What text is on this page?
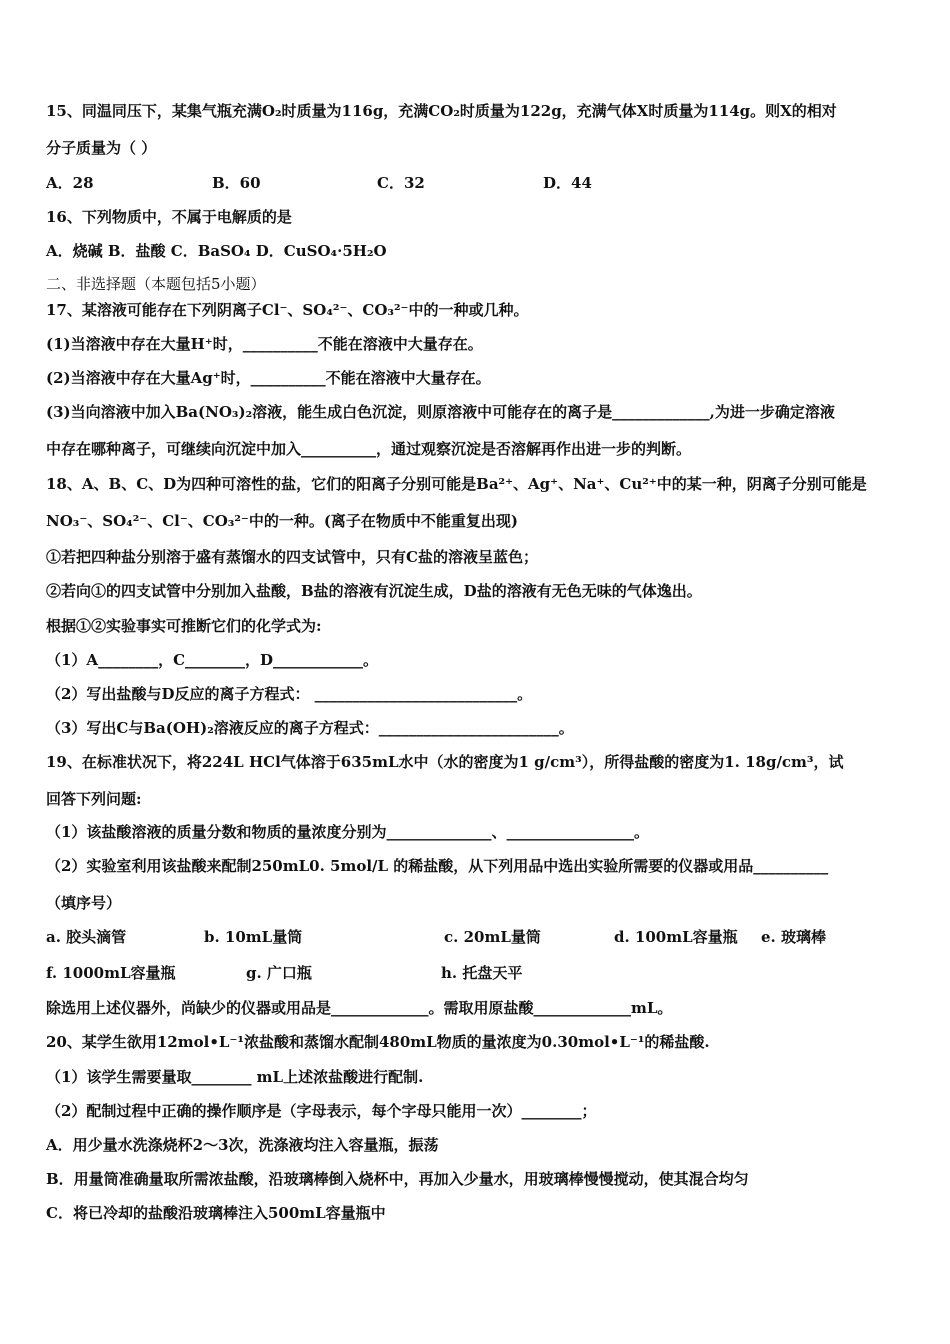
15、同温同压下，某集气瓶充满O₂时质量为116g，充满CO₂时质量为122g，充满气体X时质量为114g。则X的相对
分子质量为（ ）
A．28	B．60	C．32	D．44
16、下列物质中，不属于电解质的是
A．烧碱 B．盐酸 C．BaSO₄ D．CuSO₄·5H₂O
二、非选择题（本题包括5小题）
17、某溶液可能存在下列阴离子Cl⁻、SO₄²⁻、CO₃²⁻中的一种或几种。
(1)当溶液中存在大量H⁺时，__________不能在溶液中大量存在。
(2)当溶液中存在大量Ag⁺时，__________不能在溶液中大量存在。
(3)当向溶液中加入Ba(NO₃)₂溶液，能生成白色沉淀，则原溶液中可能存在的离子是_____________,为进一步确定溶液
中存在哪种离子，可继续向沉淀中加入__________，通过观察沉淀是否溶解再作出进一步的判断。
18、A、B、C、D为四种可溶性的盐，它们的阳离子分别可能是Ba²⁺、Ag⁺、Na⁺、Cu²⁺中的某一种，阴离子分别可能是
NO₃⁻、SO₄²⁻、Cl⁻、CO₃²⁻中的一种。(离子在物质中不能重复出现)
①若把四种盐分别溶于盛有蒸馏水的四支试管中，只有C盐的溶液呈蓝色；
②若向①的四支试管中分别加入盐酸，B盐的溶液有沉淀生成，D盐的溶液有无色无味的气体逸出。
根据①②实验事实可推断它们的化学式为:
（1）A________，C________，D____________。
（2）写出盐酸与D反应的离子方程式： ___________________________。
（3）写出C与Ba(OH)₂溶液反应的离子方程式：________________________。
19、在标准状况下，将224L HCl气体溶于635mL水中（水的密度为1 g/cm³），所得盐酸的密度为1. 18g/cm³，试
回答下列问题:
（1）该盐酸溶液的质量分数和物质的量浓度分别为______________、_________________。
（2）实验室利用该盐酸来配制250mL0. 5mol/L 的稀盐酸，从下列用品中选出实验所需要的仪器或用品__________
（填序号）
a. 胶头滴管	b. 10mL量筒	c. 20mL量筒	d. 100mL容量瓶 e. 玻璃棒
f. 1000mL容量瓶	g. 广口瓶	h. 托盘天平
除选用上述仪器外，尚缺少的仪器或用品是_____________。需取用原盐酸_____________mL。
20、某学生欲用12mol•L⁻¹浓盐酸和蒸馏水配制480mL物质的量浓度为0.30mol•L⁻¹的稀盐酸.
（1）该学生需要量取________ mL上述浓盐酸进行配制.
（2）配制过程中正确的操作顺序是（字母表示，每个字母只能用一次）________；
A．用少量水洗涤烧杯2～3次，洗涤液均注入容量瓶，振荡
B．用量筒准确量取所需浓盐酸，沿玻璃棒倒入烧杯中，再加入少量水，用玻璃棒慢慢搅动，使其混合均匀
C．将已冷却的盐酸沿玻璃棒注入500mL容量瓶中
